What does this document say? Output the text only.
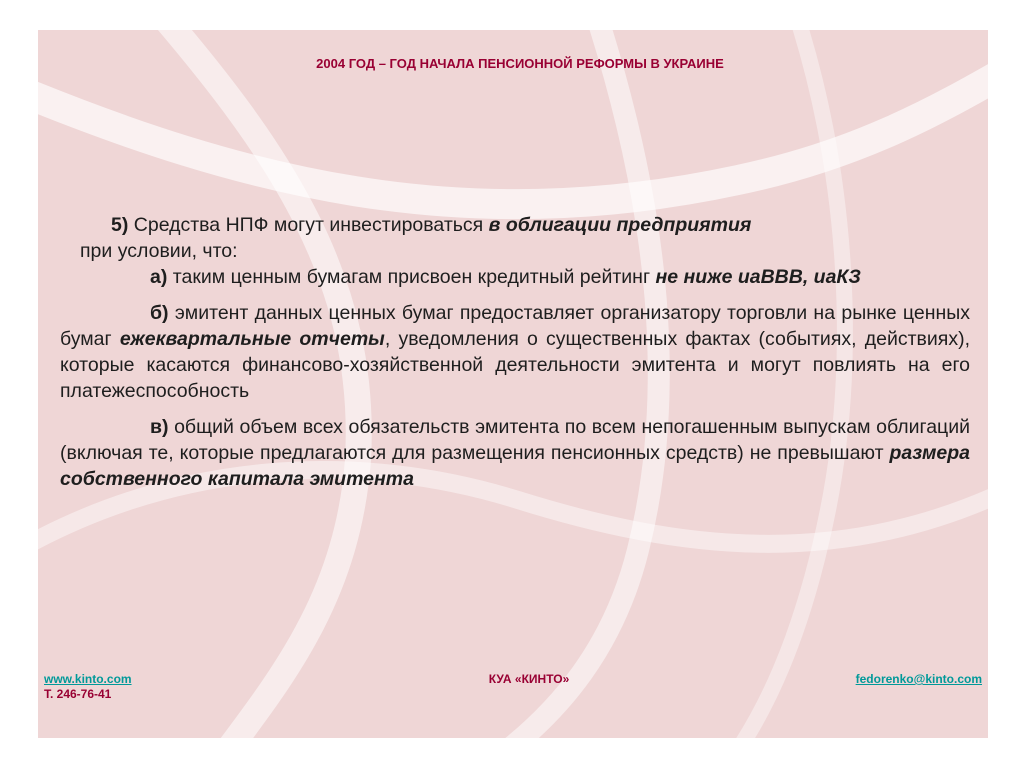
2004 ГОД – ГОД НАЧАЛА ПЕНСИОННОЙ РЕФОРМЫ В УКРАИНЕ

5) Средства НПФ могут инвестироваться в облигации предприятия

при условии, что:

а) таким ценным бумагам присвоен кредитный рейтинг не ниже иаВВВ, иаКЗ

б) эмитент данных ценных бумаг предоставляет организатору торговли на рынке ценных бумаг ежеквартальные отчеты, уведомления о существенных фактах (событиях, действиях), которые касаются финансово-хозяйственной деятельности эмитента и могут повлиять на его платежеспособность

в) общий объем всех обязательств эмитента по всем непогашенным выпускам облигаций (включая те, которые предлагаются для размещения пенсионных средств) не превышают размера собственного капитала эмитента

www.kinto.com
Т. 246-76-41
КУА «КИНТО»	fedorenko@kinto.com
